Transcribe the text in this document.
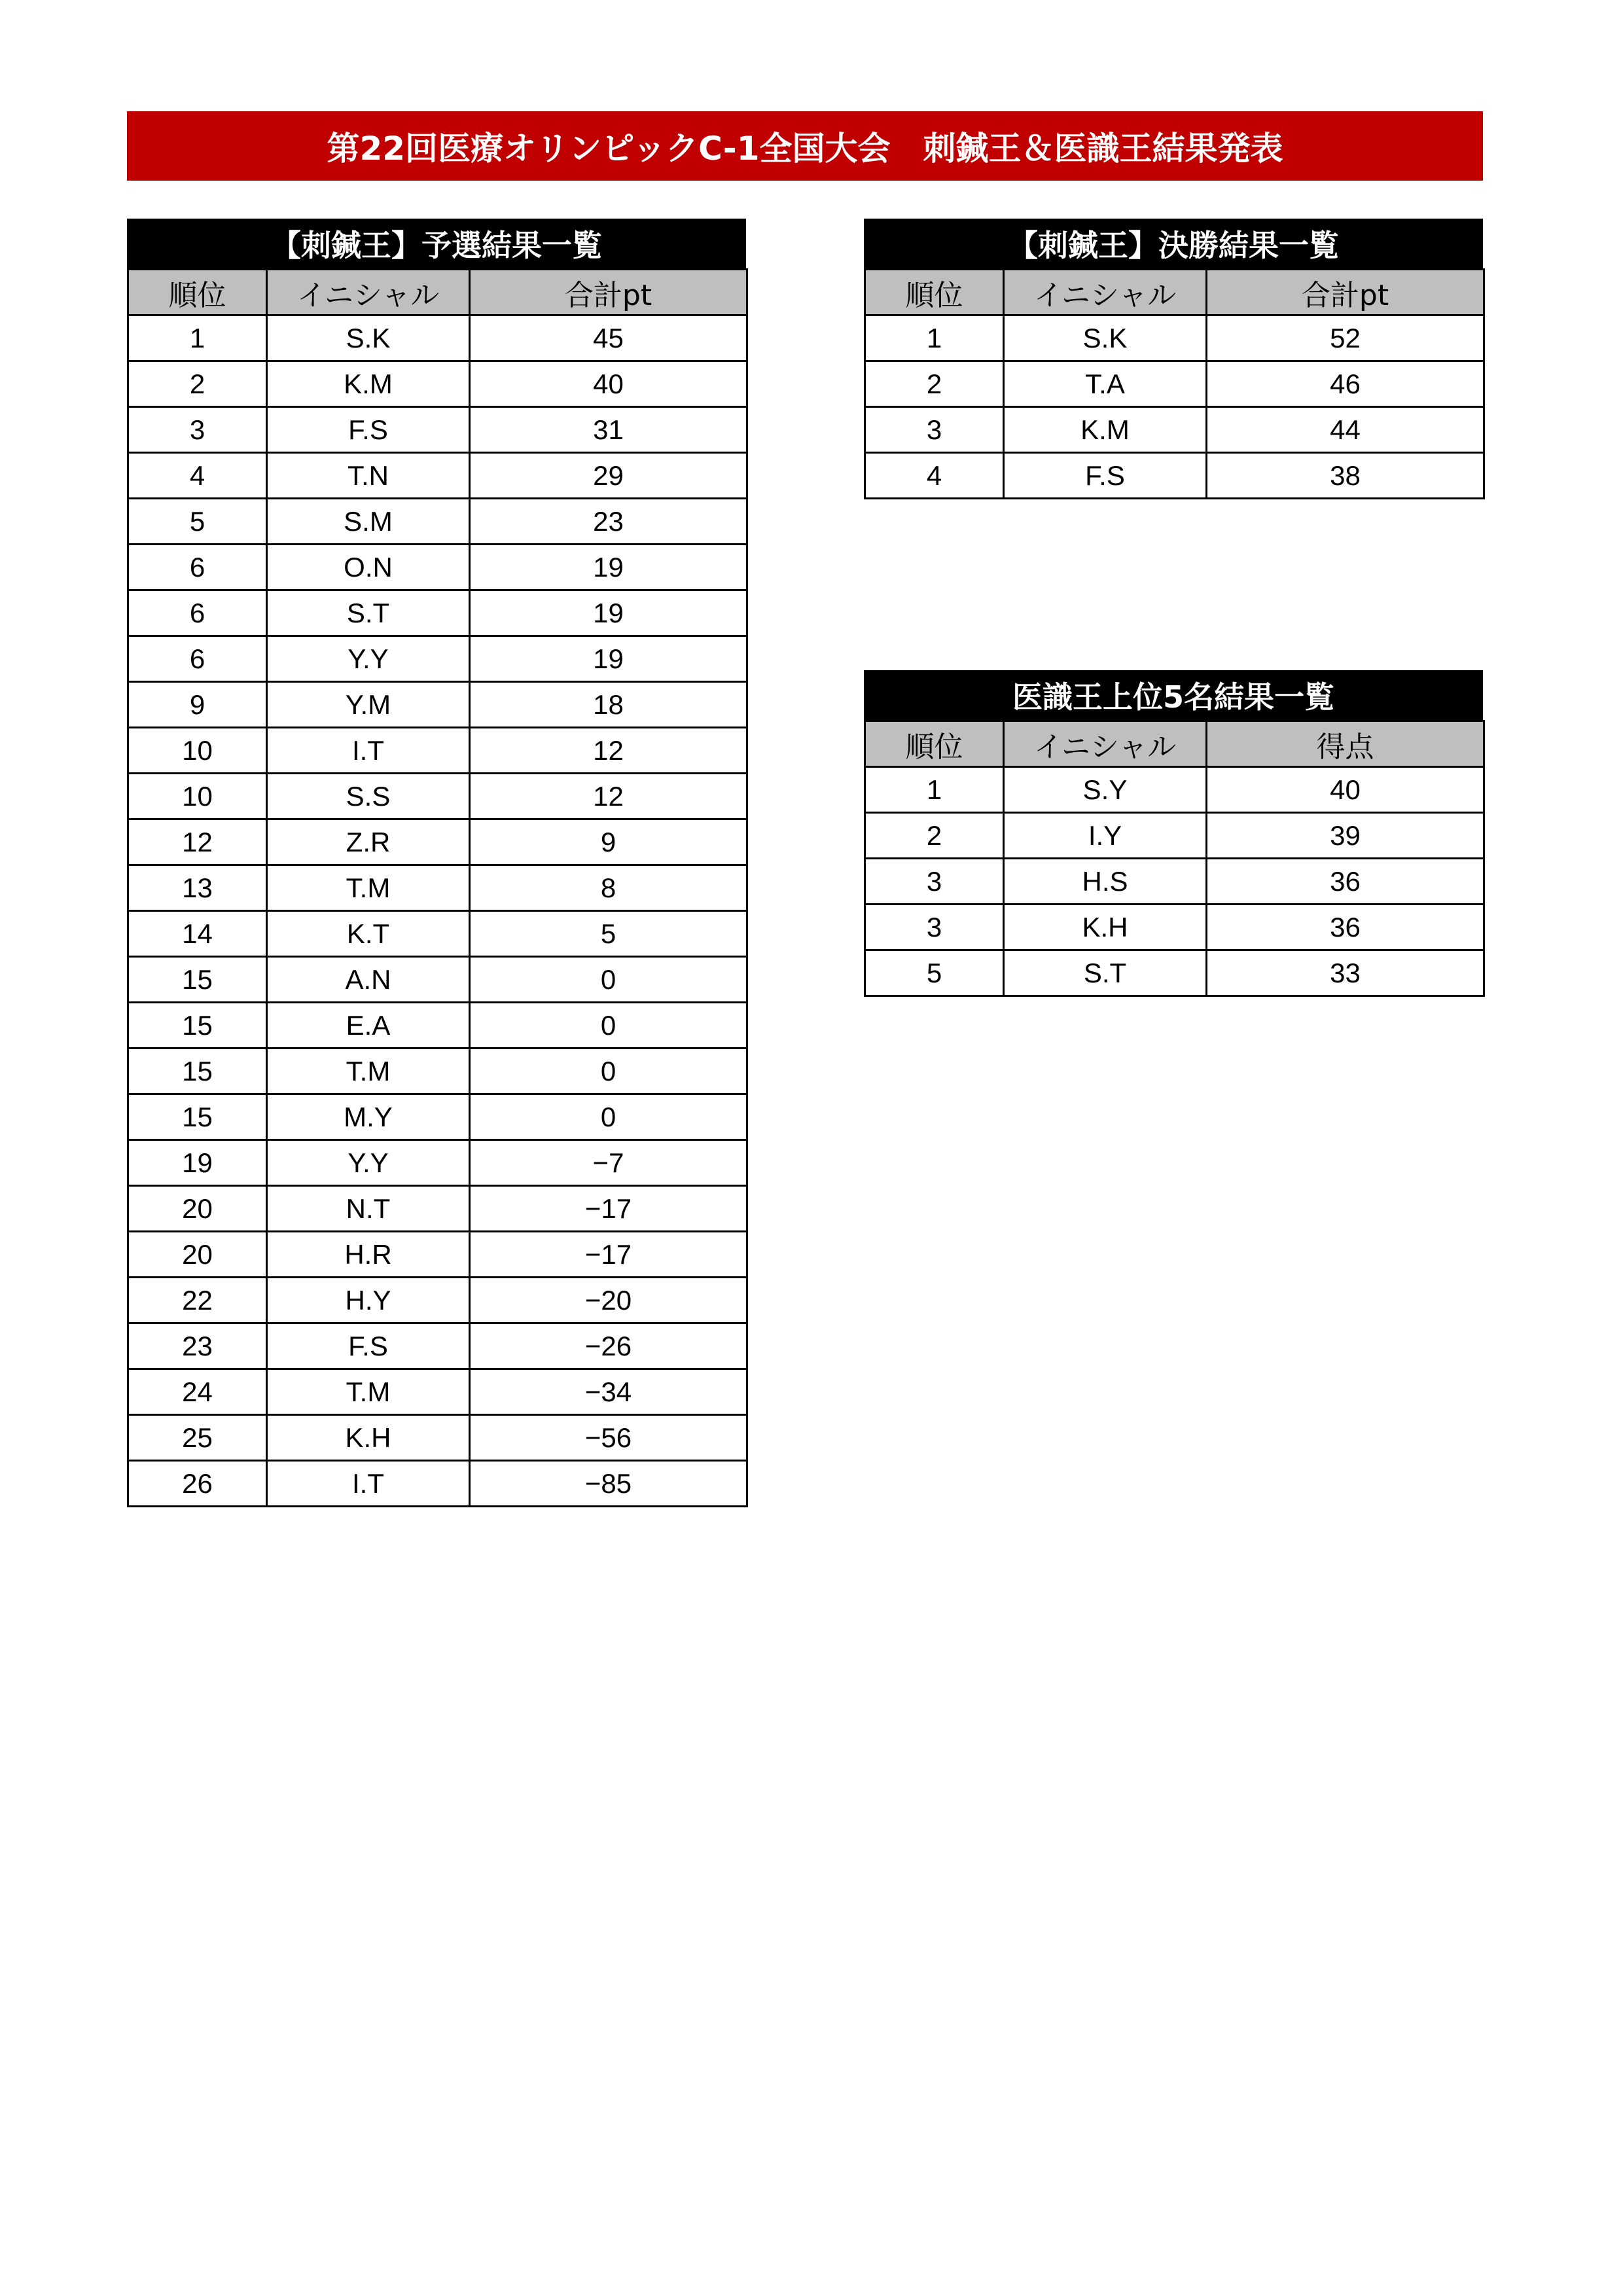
第22回医療オリンピックC-1全国大会　刺鍼王＆医識王結果発表
【刺鍼王】予選結果一覧
順位	イニシャル	合計pt
1	S.K	45
2	K.M	40
3	F.S	31
4	T.N	29
5	S.M	23
6	O.N	19
6	S.T	19
6	Y.Y	19
9	Y.M	18
10	I.T	12
10	S.S	12
12	Z.R	9
13	T.M	8
14	K.T	5
15	A.N	0
15	E.A	0
15	T.M	0
15	M.Y	0
19	Y.Y	−7
20	N.T	−17
20	H.R	−17
22	H.Y	−20
23	F.S	−26
24	T.M	−34
25	K.H	−56
26	I.T	−85
【刺鍼王】決勝結果一覧
順位	イニシャル	合計pt
1	S.K	52
2	T.A	46
3	K.M	44
4	F.S	38
医識王上位5名結果一覧
順位	イニシャル	得点
1	S.Y	40
2	I.Y	39
3	H.S	36
3	K.H	36
5	S.T	33
